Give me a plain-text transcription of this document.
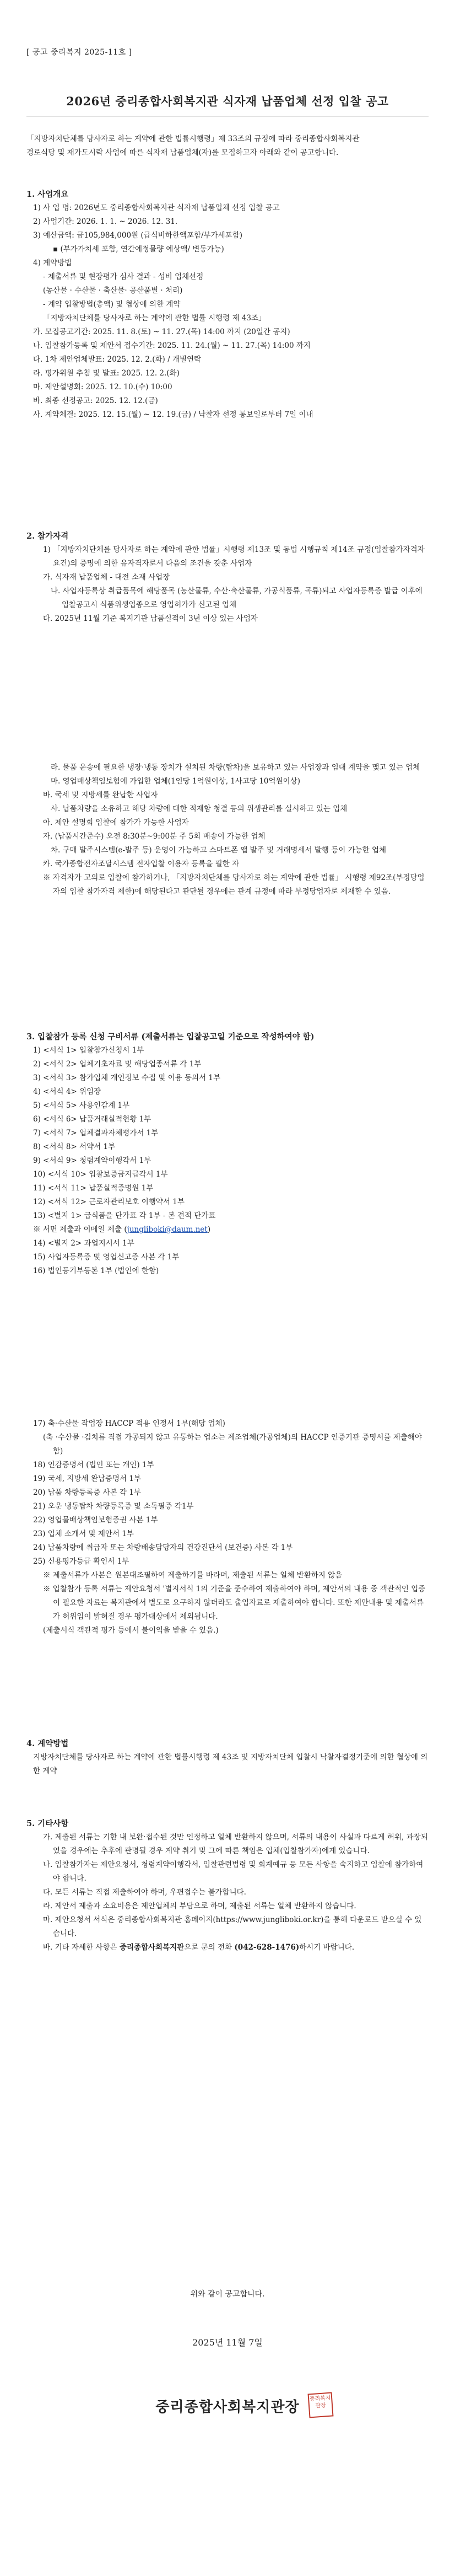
[ 공고 중리복지 2025-11호 ]
2026년 중리종합사회복지관 식자재 납품업체 선정 입찰 공고

「지방자치단체를 당사자로 하는 계약에 관한 법률시행령」제 33조의 규정에 따라 중리종합사회복지관

경로식당 및 재가도시락 사업에 따른 식자재 납품업체(자)를 모집하고자 아래와 같이 공고합니다.

1. 사업개요

1) 사 업 명: 2026년도 중리종합사회복지관 식자재 납품업체 선정 입찰 공고

2) 사업기간: 2026. 1. 1. ~ 2026. 12. 31.

3) 예산금액: 금105,984,000원 (급식비하한액포함/부가세포함)

▪ (부가가치세 포함, 연간예정물량 예상액/ 변동가능)

4) 계약방법

- 제출서류 및 현장평가 심사 결과 - 성비 업체선정

(농산물 · 수산물 · 축산물· 공산품별 · 처리)

- 계약 입찰방법(총액) 및 협상에 의한 계약

「지방자치단체를 당사자로 하는 계약에 관한 법률 시행령 제 43조」

가. 모집공고기간: 2025. 11. 8.(토) ~ 11. 27.(목) 14:00 까지 (20일간 공지)

나. 입찰참가등록 및 제안서 접수기간: 2025. 11. 24.(월) ~ 11. 27.(목) 14:00 까지

다. 1차 제안업체발표: 2025. 12. 2.(화) / 개별연락

라. 평가위원 추첨 및 발표: 2025. 12. 2.(화)

마. 제안설명회: 2025. 12. 10.(수) 10:00

바. 최종 선정공고: 2025. 12. 12.(금)

사. 계약체결: 2025. 12. 15.(월) ~ 12. 19.(금) / 낙찰자 선정 통보일로부터 7일 이내

2. 참가자격

1) 「지방자치단체를 당사자로 하는 계약에 관한 법률」시행령 제13조 및 동법 시행규칙 제14조 규정(입찰참가자격자 요건)의 증명에 의한 유자격자로서 다음의 조건을 갖춘 사업자

가. 식자재 납품업체 - 대전 소재 사업장

나. 사업자등록상 취급품목에 해당품목 (농산물류, 수산·축산물류, 가공식품류, 곡류)되고 사업자등록증 발급 이후에 입찰공고시 식품위생업종으로 영업허가가 신고된 업체

다. 2025년 11월 기준 복지기관 납품실적이 3년 이상 있는 사업자

라. 물품 운송에 필요한 냉장·냉동 장치가 설치된 차량(탑차)을 보유하고 있는 사업장과 임대 계약을 맺고 있는 업체

마. 영업배상책임보험에 가입한 업체(1인당 1억원이상, 1사고당 10억원이상)

바. 국세 및 지방세를 완납한 사업자

사. 납품차량을 소유하고 해당 차량에 대한 적재함 청결 등의 위생관리를 실시하고 있는 업체

아. 제안 설명회 입찰에 참가가 가능한 사업자

자. (납품시간준수) 오전 8:30분~9:00분 주 5회 배송이 가능한 업체

차. 구매 발주시스템(e-발주 등) 운영이 가능하고 스마트폰 앱 발주 및 거래명세서 발행 등이 가능한 업체

카. 국가종합전자조달시스템 전자입찰 이용자 등록을 필한 자

※ 자격자가 고의로 입찰에 참가하거나, 「지방자치단체를 당사자로 하는 계약에 관한 법률」 시행령 제92조(부정당업자의 입찰 참가자격 제한)에 해당된다고 판단될 경우에는 관계 규정에 따라 부정당업자로 제재할 수 있음.

3. 입찰참가 등록 신청 구비서류 (제출서류는 입찰공고일 기준으로 작성하여야 함)

1) <서식 1> 입찰참가신청서 1부

2) <서식 2> 업체기초자료 및 해당업종서류 각 1부

3) <서식 3> 참가업체 개인정보 수집 및 이용 동의서 1부

4) <서식 4> 위임장

5) <서식 5> 사용인감계 1부

6) <서식 6> 납품거래실적현황 1부

7) <서식 7> 업체결과자체평가서 1부

8) <서식 8> 서약서 1부

9) <서식 9> 청렴계약이행각서 1부

10) <서식 10> 입찰보증금지급각서 1부

11) <서식 11> 납품실적증명원 1부

12) <서식 12> 근로자관리보호 이행약서 1부

13) <별지 1> 급식품을 단가표 각 1부 - 본 견적 단가표

※ 서면 제출과 이메일 제출 (jungliboki@daum.net)

14) <별지 2> 과업지시서 1부

15) 사업자등록증 및 영업신고증 사본 각 1부

16) 법인등기부등본 1부 (법인에 한함)

17) 축·수산물 작업장 HACCP 적용 인정서 1부(해당 업체)

(축 ·수산물 ·김치류 직접 가공되지 않고 유통하는 업소는 제조업체(가공업체)의 HACCP 인증기관 증명서를 제출해야 함)

18) 인감증명서 (법인 또는 개인) 1부

19) 국세, 지방세 완납증명서 1부

20) 납품 차량등록증 사본 각 1부

21) 오운 냉동탑차 차량등록증 및 소독필증 각1부

22) 영업물배상책임보험증권 사본 1부

23) 업체 소개서 및 제안서 1부

24) 납품차량에 취급자 또는 차량배송담당자의 건강진단서 (보건증) 사본 각 1부

25) 신용평가등급 확인서 1부

※ 제출서류가 사본은 원본대조필하여 제출하기를 바라며, 제출된 서류는 일체 반환하지 않음

※ 입찰참가 등록 서류는 제안요청서 '별지서식 1의 기준을 준수하여 제출하여야 하며, 제안서의 내용 중 객관적인 입증이 필요한 자료는 복지관에서 별도로 요구하지 않더라도 출입자료로 제출하여야 합니다. 또한 제안내용 및 제출서류가 허위임이 밝혀질 경우 평가대상에서 제외됩니다.

(제출서식 객관적 평가 등에서 불이익을 받을 수 있음.)

4. 계약방법

지방자치단체를 당사자로 하는 계약에 관한 법률시행령 제 43조 및 지방자치단체 입찰시 낙찰자결정기준에 의한 협상에 의한 계약

5. 기타사항

가. 제출된 서류는 기한 내 보완·접수된 것만 인정하고 일체 반환하지 않으며, 서류의 내용이 사실과 다르게 허위, 과장되었을 경우에는 추후에 판명될 경우 계약 취기 및 그에 따른 책임은 업체(입찰참가자)에게 있습니다.

나. 입찰참가자는 제안요청서, 청렴계약이행각서, 입찰관련법령 및 회계예규 등 모든 사항을 숙지하고 입찰에 참가하여야 합니다.

다. 모든 서류는 직접 제출하여야 하며, 우편접수는 불가합니다.

라. 제안서 제출과 소요비용은 제안업체의 부담으로 하며, 제출된 서류는 일체 반환하지 않습니다.

마. 제안요청서 서식은 중리종합사회복지관 홈페이지(https://www.jungliboki.or.kr)을 통해 다운로드 받으실 수 있습니다.

바. 기타 자세한 사항은 중리종합사회복지관으로 문의 전화 (042-628-1476)하시기 바랍니다.

위와 같이 공고합니다.
2025년 11월 7일
중리종합사회복지관장
중리복지관장
